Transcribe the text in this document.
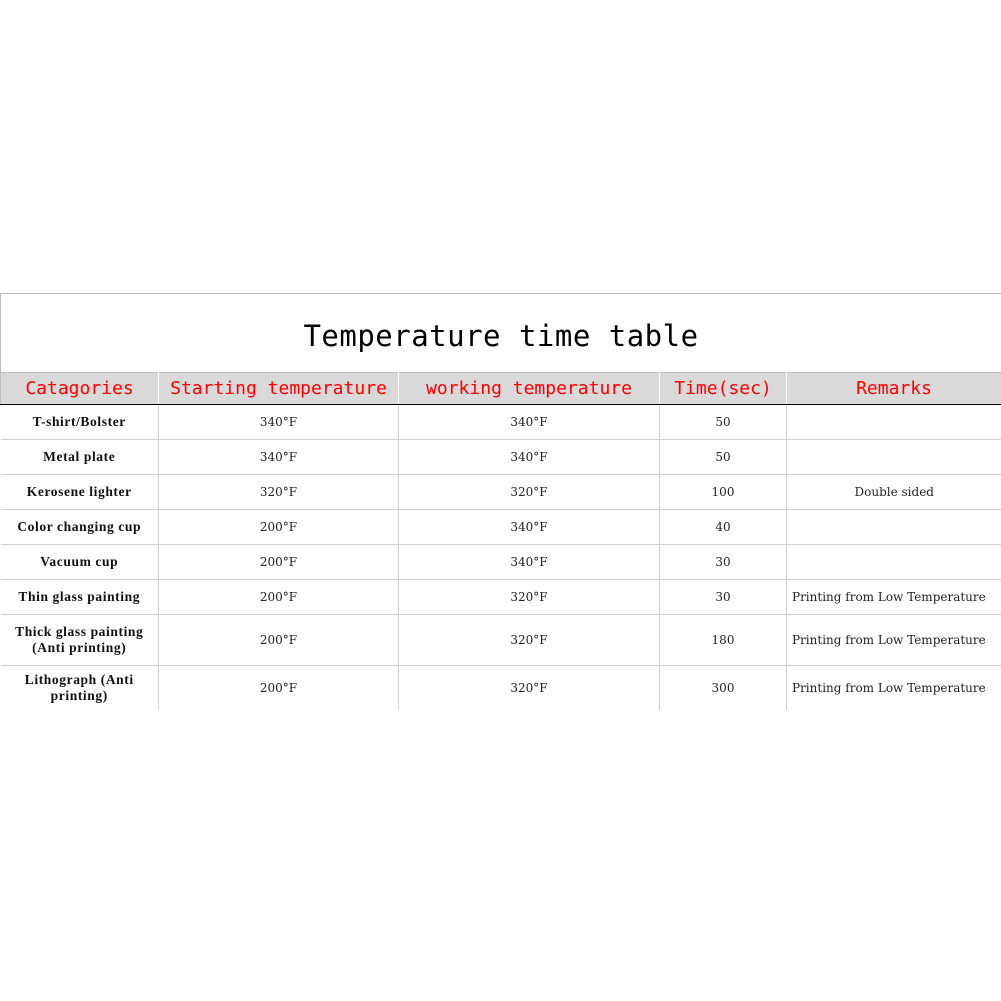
Temperature time table
Catagories	Starting temperature	working temperature	Time(sec)	Remarks
T-shirt/Bolster	340°F	340°F	50	
Metal plate	340°F	340°F	50	
Kerosene lighter	320°F	320°F	100	Double sided
Color changing cup	200°F	340°F	40	
Vacuum cup	200°F	340°F	30	
Thin glass painting	200°F	320°F	30	Printing from Low Temperature
Thick glass painting (Anti printing)	200°F	320°F	180	Printing from Low Temperature
Lithograph (Anti printing)	200°F	320°F	300	Printing from Low Temperature
